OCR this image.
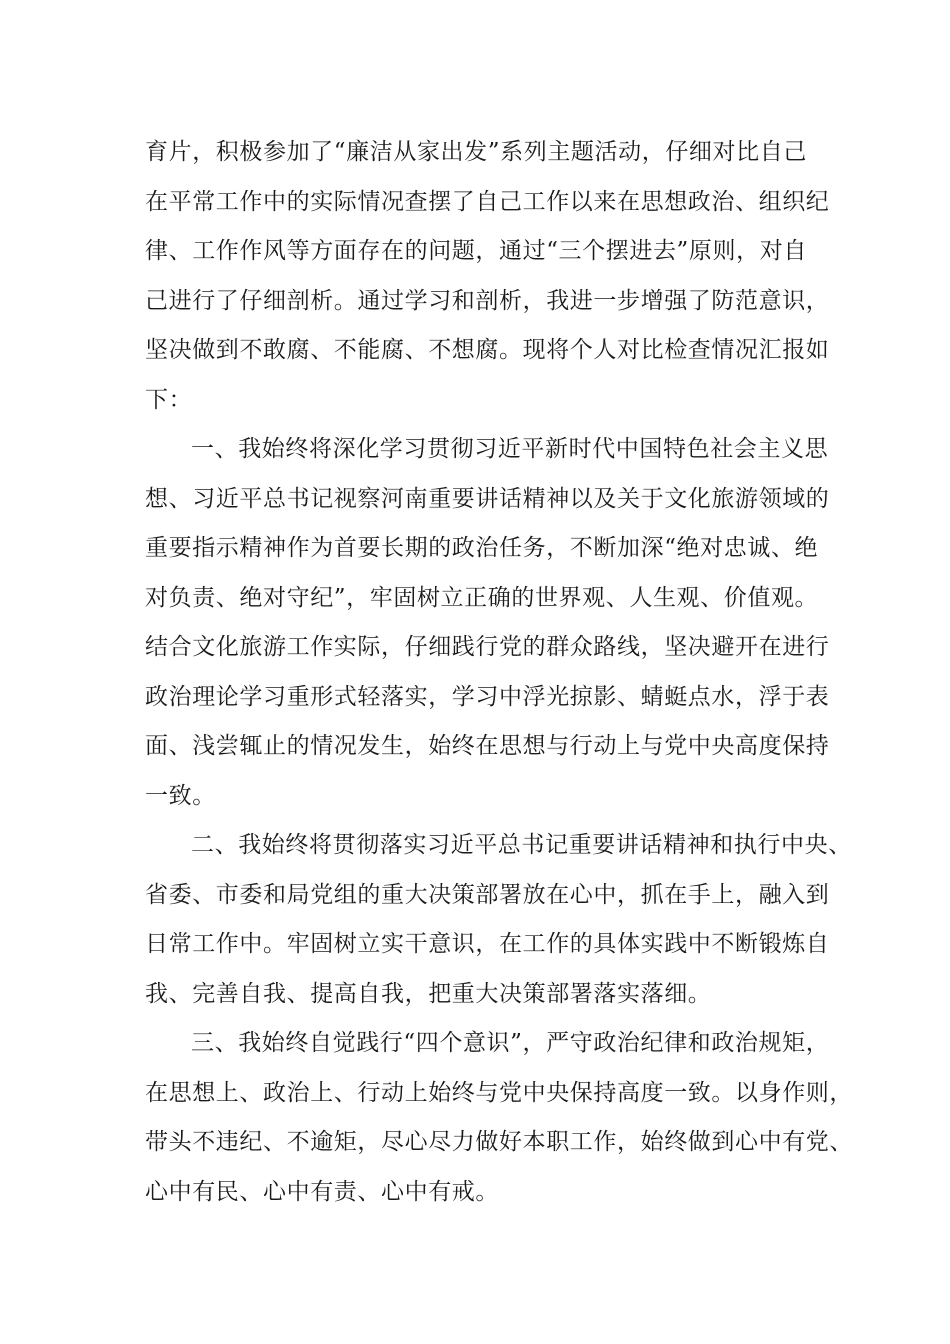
育片，积极参加了“廉洁从家出发”系列主题活动，仔细对比自己
在平常工作中的实际情况查摆了自己工作以来在思想政治、组织纪
律、工作作风等方面存在的问题，通过“三个摆进去”原则，对自
己进行了仔细剖析。通过学习和剖析，我进一步增强了防范意识，
坚决做到不敢腐、不能腐、不想腐。现将个人对比检查情况汇报如
下：
一、我始终将深化学习贯彻习近平新时代中国特色社会主义思
想、习近平总书记视察河南重要讲话精神以及关于文化旅游领域的
重要指示精神作为首要长期的政治任务，不断加深“绝对忠诚、绝
对负责、绝对守纪”，牢固树立正确的世界观、人生观、价值观。
结合文化旅游工作实际，仔细践行党的群众路线，坚决避开在进行
政治理论学习重形式轻落实，学习中浮光掠影、蜻蜓点水，浮于表
面、浅尝辄止的情况发生，始终在思想与行动上与党中央高度保持
一致。
二、我始终将贯彻落实习近平总书记重要讲话精神和执行中央、
省委、市委和局党组的重大决策部署放在心中，抓在手上，融入到
日常工作中。牢固树立实干意识，在工作的具体实践中不断锻炼自
我、完善自我、提高自我，把重大决策部署落实落细。
三、我始终自觉践行“四个意识”，严守政治纪律和政治规矩，
在思想上、政治上、行动上始终与党中央保持高度一致。以身作则，
带头不违纪、不逾矩，尽心尽力做好本职工作，始终做到心中有党、
心中有民、心中有责、心中有戒。
